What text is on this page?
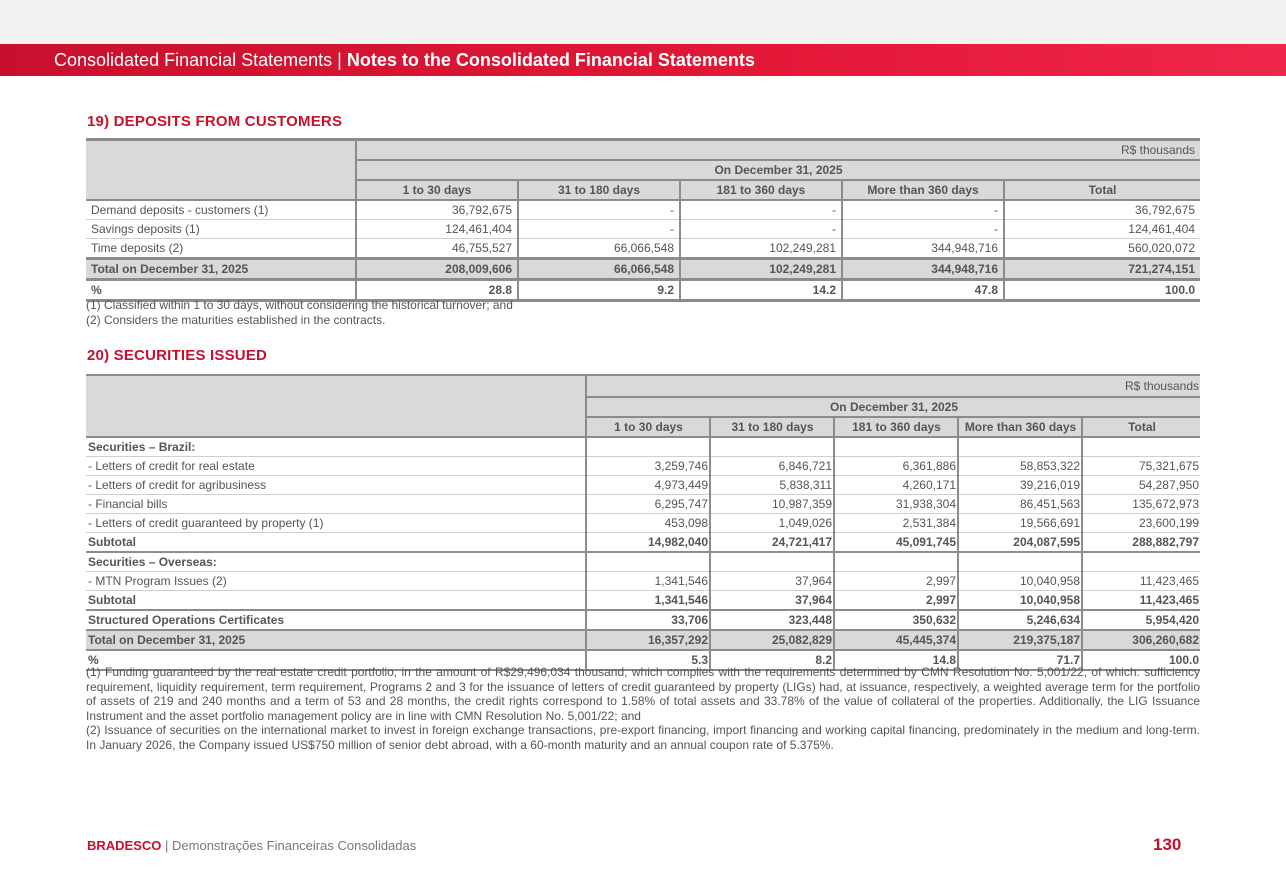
Consolidated Financial Statements | Notes to the Consolidated Financial Statements
19) DEPOSITS FROM CUSTOMERS
	R$ thousands				
	On December 31, 2025				
	1 to 30 days	31 to 180 days	181 to 360 days	More than 360 days	Total
Demand deposits - customers (1)	36,792,675	-	-	-	36,792,675
Savings deposits (1)	124,461,404	-	-	-	124,461,404
Time deposits (2)	46,755,527	66,066,548	102,249,281	344,948,716	560,020,072
Total on December 31, 2025	208,009,606	66,066,548	102,249,281	344,948,716	721,274,151
%	28.8	9.2	14.2	47.8	100.0
(1) Classified within 1 to 30 days, without considering the historical turnover; and
(2) Considers the maturities established in the contracts.
20) SECURITIES ISSUED
	R$ thousands				
	On December 31, 2025				
	1 to 30 days	31 to 180 days	181 to 360 days	More than 360 days	Total
Securities – Brazil:					
- Letters of credit for real estate	3,259,746	6,846,721	6,361,886	58,853,322	75,321,675
- Letters of credit for agribusiness	4,973,449	5,838,311	4,260,171	39,216,019	54,287,950
- Financial bills	6,295,747	10,987,359	31,938,304	86,451,563	135,672,973
- Letters of credit guaranteed by property (1)	453,098	1,049,026	2,531,384	19,566,691	23,600,199
Subtotal	14,982,040	24,721,417	45,091,745	204,087,595	288,882,797
Securities – Overseas:					
- MTN Program Issues (2)	1,341,546	37,964	2,997	10,040,958	11,423,465
Subtotal	1,341,546	37,964	2,997	10,040,958	11,423,465
Structured Operations Certificates	33,706	323,448	350,632	5,246,634	5,954,420
Total on December 31, 2025	16,357,292	25,082,829	45,445,374	219,375,187	306,260,682
%	5.3	8.2	14.8	71.7	100.0
(1) Funding guaranteed by the real estate credit portfolio, in the amount of R$29,496,034 thousand, which complies with the requirements determined by CMN Resolution No. 5,001/22, of which: sufficiency requirement, liquidity requirement, term requirement, Programs 2 and 3 for the issuance of letters of credit guaranteed by property (LIGs) had, at issuance, respectively, a weighted average term for the portfolio of assets of 219 and 240 months and a term of 53 and 28 months, the credit rights correspond to 1.58% of total assets and 33.78% of the value of collateral of the properties. Additionally, the LIG Issuance Instrument and the asset portfolio management policy are in line with CMN Resolution No. 5,001/22; and
(2) Issuance of securities on the international market to invest in foreign exchange transactions, pre-export financing, import financing and working capital financing, predominately in the medium and long-term. In January 2026, the Company issued US$750 million of senior debt abroad, with a 60-month maturity and an annual coupon rate of 5.375%.
BRADESCO | Demonstrações Financeiras Consolidadas	130
